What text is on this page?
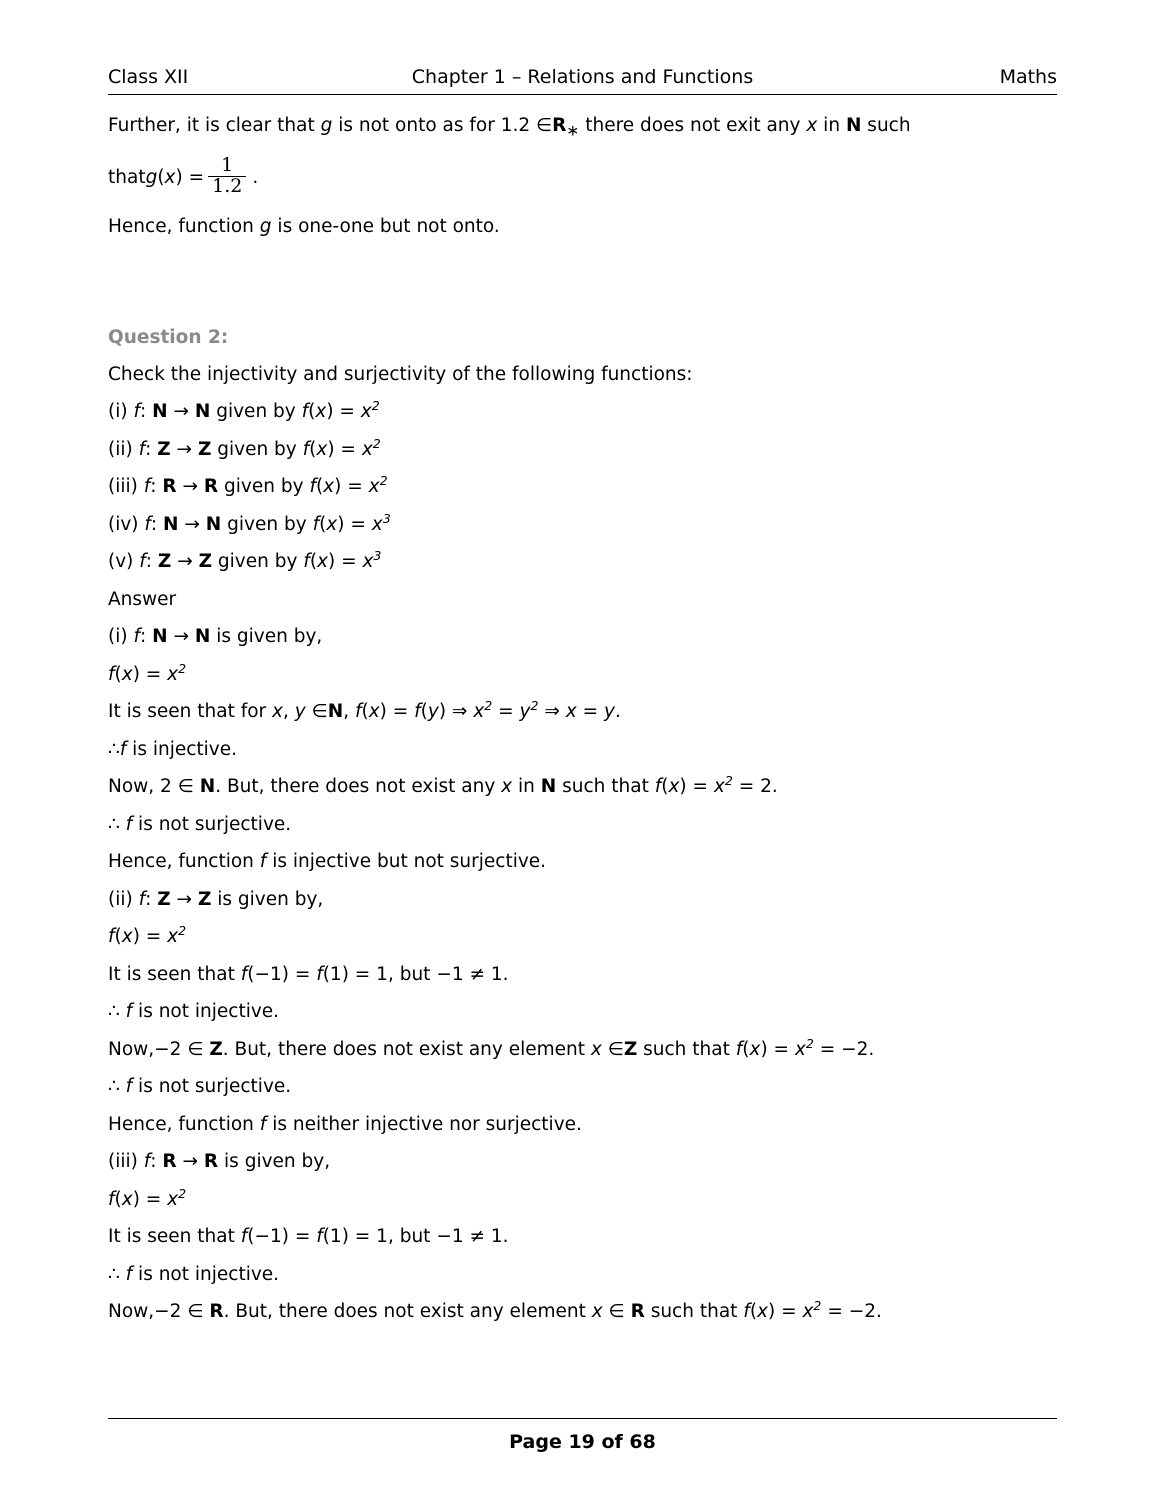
Class XII	Chapter 1 – Relations and Functions	Maths

Further, it is clear that g is not onto as for 1.2 $\in R_∗$ there does not exit any x in N such

that g ( x ) = $\frac{1}{1.2}$ .

Hence, function g is one-one but not onto.

Question 2:

Check the injectivity and surjectivity of the following functions:

(i) f: N → N given by $f(x) = x^2$

(ii) f: Z → Z given by $f(x) = x^2$

(iii) f: R → R given by $f(x) = x^2$

(iv) f: N → N given by $f(x) = x^3$

(v) f: Z → Z given by $f(x) = x^3$

Answer

(i) f: N → N is given by,

$f(x) = x^2$

It is seen that for x, y ∈N, f(x) = f(y) ⇒ $x^2 = y^2$ ⇒ x = y.

∴f is injective.

Now, 2 ∈ N. But, there does not exist any x in N such that $f(x) = x^2 = 2$.

∴ f is not surjective.

Hence, function f is injective but not surjective.

(ii) f: Z → Z is given by,

$f(x) = x^2$

It is seen that f(−1) = f(1) = 1, but −1 ≠ 1.

∴ f is not injective.

Now,−2 ∈ Z. But, there does not exist any element x ∈Z such that $f(x) = x^2 = -2$.

∴ f is not surjective.

Hence, function f is neither injective nor surjective.

(iii) f: R → R is given by,

$f(x) = x^2$

It is seen that f(−1) = f(1) = 1, but −1 ≠ 1.

∴ f is not injective.

Now,−2 ∈ R. But, there does not exist any element x ∈ R such that $f(x) = x^2 = -2$.

Page 19 of 68
